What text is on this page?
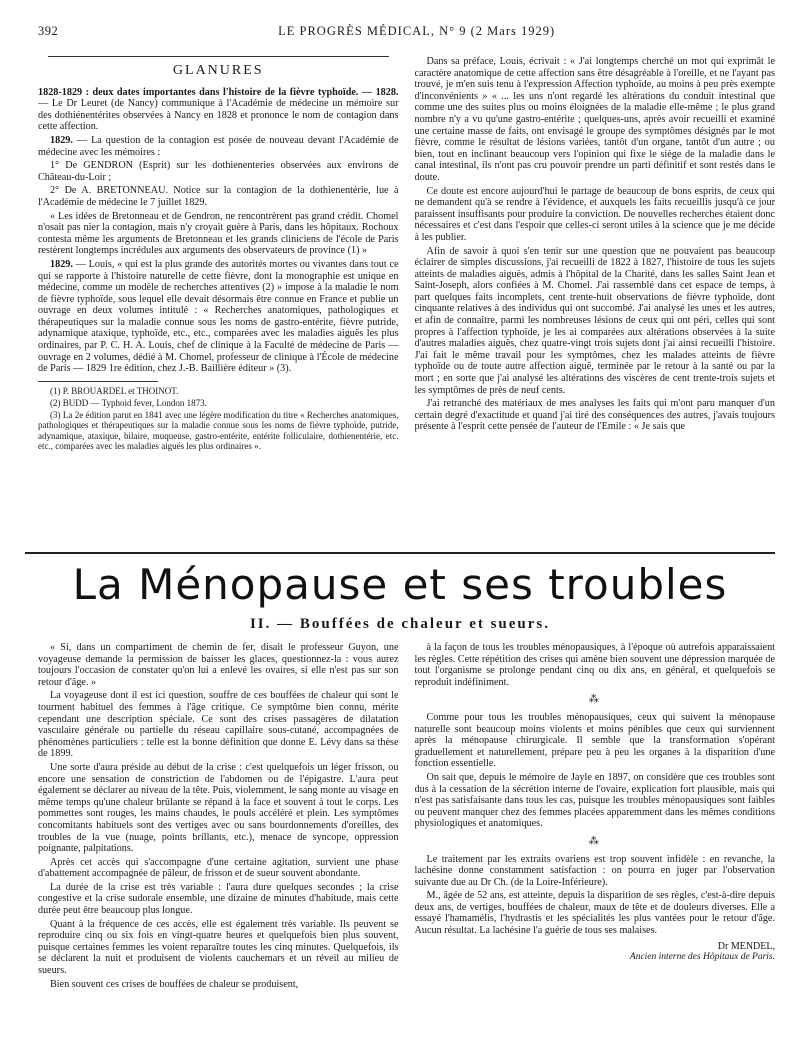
392	LE PROGRÈS MÉDICAL, N° 9 (2 Mars 1929)
GLANURES

1828-1829 : deux dates importantes dans l'histoire de la fièvre typhoïde. — 1828. — Le Dr Leuret (de Nancy) communique à l'Académie de médecine un mémoire sur des dothiénentérites observées à Nancy en 1828 et prononce le nom de contagion dans cette affection.

1829. — La question de la contagion est posée de nouveau devant l'Académie de médecine avec les mémoires :

1° De GENDRON (Esprit) sur les dothienenteries observées aux environs de Château-du-Loir ;

2° De A. BRETONNEAU. Notice sur la contagion de la dothienentérie, lue à l'Académie de médecine le 7 juillet 1829.

« Les idées de Bretonneau et de Gendron, ne rencontrèrent pas grand crédit. Chomel n'osait pas nier la contagion, mais n'y croyait guère à Paris, dans les hôpitaux. Rochoux contesta même les arguments de Bretonneau et les grands cliniciens de l'école de Paris restèrent longtemps incrédules aux arguments des observateurs de province (1) »

1829. — Louis, « qui est la plus grande des autorités mortes ou vivantes dans tout ce qui se rapporte à l'histoire naturelle de cette fièvre, dont la monographie est unique en médecine, comme un modèle de recherches attentives (2) » impose à la maladie le nom de fièvre typhoïde, sous lequel elle devait désormais être connue en France et publie un ouvrage en deux volumes intitulé : « Recherches anatomiques, pathologiques et thérapeutiques sur la maladie connue sous les noms de gastro-entérite, fièvre putride, adynamique ataxique, typhoïde, etc., etc., comparées avec les maladies aiguës les plus ordinaires, par P. C. H. A. Louis, chef de clinique à la Faculté de médecine de Paris — ouvrage en 2 volumes, dédié à M. Chomel, professeur de clinique à l'École de médecine de Paris — 1829 1re édition, chez J.-B. Baillière éditeur » (3).

(1) P. BROUARDEL et THOINOT.

(2) BUDD — Typhoid fever, London 1873.

(3) La 2e édition parut en 1841 avec une légère modification du titre « Recherches anatomiques, pathologiques et thérapeutiques sur la maladie connue sous les noms de fièvre typhoïde, putride, adynamique, ataxique, bilaire, muqueuse, gastro-entérite, entérite folliculaire, dothienentérie, etc. etc., comparées avec les maladies aiguës les plus ordinaires ».

Dans sa préface, Louis, écrivait : « J'ai longtemps cherché un mot qui exprimât le caractère anatomique de cette affection sans être désagréable à l'oreille, et ne l'ayant pas trouvé, je m'en suis tenu à l'expression Affection typhoïde, au moins à peu près exempte d'inconvénients » « ... les uns n'ont regardé les altérations du conduit intestinal que comme une des suites plus ou moins éloignées de la maladie elle-même ; le plus grand nombre n'y a vu qu'une gastro-entérite ; quelques-uns, après avoir recueilli et examiné une certaine masse de faits, ont envisagé le groupe des symptômes désignés par le mot fièvre, comme le résultat de lésions variées, tantôt d'un organe, tantôt d'un autre ; ou bien, tout en inclinant beaucoup vers l'opinion qui fixe le siège de la maladie dans le canal intestinal, ils n'ont pas cru pouvoir prendre un parti définitif et sont restés dans le doute.

Ce doute est encore aujourd'hui le partage de beaucoup de bons esprits, de ceux qui ne demandent qu'à se rendre à l'évidence, et auxquels les faits recueillis jusqu'à ce jour paraissent insuffisants pour produire la conviction. De nouvelles recherches étaient donc nécessaires et c'est dans l'espoir que celles-ci seront utiles à la science que je me décide à les publier.

Afin de savoir à quoi s'en tenir sur une question que ne pouvaient pas beaucoup éclairer de simples discussions, j'ai recueilli de 1822 à 1827, l'histoire de tous les sujets atteints de maladies aiguës, admis à l'hôpital de la Charité, dans les salles Saint Jean et Saint-Joseph, alors confiées à M. Chomel. J'ai rassemblé dans cet espace de temps, à part quelques faits incomplets, cent trente-huit observations de fièvre typhoïde, dont cinquante relatives à des individus qui ont succombé. J'ai analysé les unes et les autres, et afin de connaître, parmi les nombreuses lésions de ceux qui ont péri, celles qui sont propres à l'affection typhoïde, je les ai comparées aux altérations observées à la suite d'autres maladies aiguës, chez quatre-vingt trois sujets dont j'ai ainsi recueilli l'histoire. J'ai fait le même travail pour les symptômes, chez les malades atteints de fièvre typhoïde ou de toute autre affection aiguë, terminée par le retour à la santé ou par la mort ; en sorte que j'ai analysé les altérations des viscères de cent trente-trois sujets et les symptômes de près de neuf cents.

J'ai retranché des matériaux de mes analyses les faits qui m'ont paru manquer d'un certain degré d'exactitude et quand j'ai tiré des conséquences des autres, j'avais toujours présente à l'esprit cette pensée de l'auteur de l'Emile : « Je sais que

La Ménopause et ses troubles
II. — Bouffées de chaleur et sueurs.

« Si, dans un compartiment de chemin de fer, disait le professeur Guyon, une voyageuse demande la permission de baisser les glaces, questionnez-la : vous aurez toujours l'occasion de constater qu'on lui a enlevé les ovaires, si elle n'est pas sur son retour d'âge. »

La voyageuse dont il est ici question, souffre de ces bouffées de chaleur qui sont le tourment habituel des femmes à l'âge critique. Ce symptôme bien connu, mérite cependant une description spéciale. Ce sont des crises passagères de dilatation vasculaire générale ou partielle du réseau capillaire sous-cutané, accompagnées de phénomènes particuliers : telle est la bonne définition que donne E. Lévy dans sa thèse de 1899.

Une sorte d'aura préside au début de la crise : c'est quelquefois un léger frisson, ou encore une sensation de constriction de l'abdomen ou de l'épigastre. L'aura peut également se déclarer au niveau de la tête. Puis, violemment, le sang monte au visage en même temps qu'une chaleur brûlante se répand à la face et souvent à tout le corps. Les pommettes sont rouges, les mains chaudes, le pouls accéléré et plein. Les symptômes concomitants habituels sont des vertiges avec ou sans bourdonnements d'oreilles, des troubles de la vue (nuage, points brillants, etc.), menace de syncope, oppression poignante, palpitations.

Après cet accès qui s'accompagne d'une certaine agitation, survient une phase d'abattement accompagnée de pâleur, de frisson et de sueur souvent abondante.

La durée de la crise est très variable : l'aura dure quelques secondes ; la crise congestive et la crise sudorale ensemble, une dizaine de minutes d'habitude, mais cette durée peut être beaucoup plus longue.

Quant à la fréquence de ces accès, elle est également très variable. Ils peuvent se reproduire cinq ou six fois en vingt-quatre heures et quelquefois bien plus souvent, puisque certaines femmes les voient reparaître toutes les cinq minutes. Quelquefois, ils se déclarent la nuit et produisent de violents cauchemars et un réveil au milieu de sueurs.

Bien souvent ces crises de bouffées de chaleur se produisent,

à la façon de tous les troubles ménopausiques, à l'époque où autrefois apparaissaient les règles. Cette répétition des crises qui amène bien souvent une dépression marquée de tout l'organisme se prolonge pendant cinq ou dix ans, en général, et quelquefois se reproduit indéfiniment.

⁂

Comme pour tous les troubles ménopausiques, ceux qui suivent la ménopause naturelle sont beaucoup moins violents et moins pénibles que ceux qui surviennent après la ménopause chirurgicale. Il semble que la transformation s'opérant graduellement et naturellement, prépare peu à peu les organes à la disparition d'une fonction essentielle.

On sait que, depuis le mémoire de Jayle en 1897, on considère que ces troubles sont dus à la cessation de la sécrétion interne de l'ovaire, explication fort plausible, mais qui n'est pas satisfaisante dans tous les cas, puisque les troubles ménopausiques sont faibles ou peuvent manquer chez des femmes placées apparemment dans les mêmes conditions physiologiques et anatomiques.

⁂

Le traitement par les extraits ovariens est trop souvent infidèle : en revanche, la lachésine donne constamment satisfaction : on pourra en juger par l'observation suivante due au Dr Ch. (de la Loire-Inférieure).

M., âgée de 52 ans, est atteinte, depuis la disparition de ses règles, c'est-à-dire depuis deux ans, de vertiges, bouffées de chaleur, maux de tête et de douleurs diverses. Elle a essayé l'hamamélis, l'hydrastis et les spécialités les plus vantées pour le retour d'âge. Aucun résultat. La lachésine l'a guérie de tous ses malaises.

Dr MENDEL,
Ancien interne des Hôpitaux de Paris.
